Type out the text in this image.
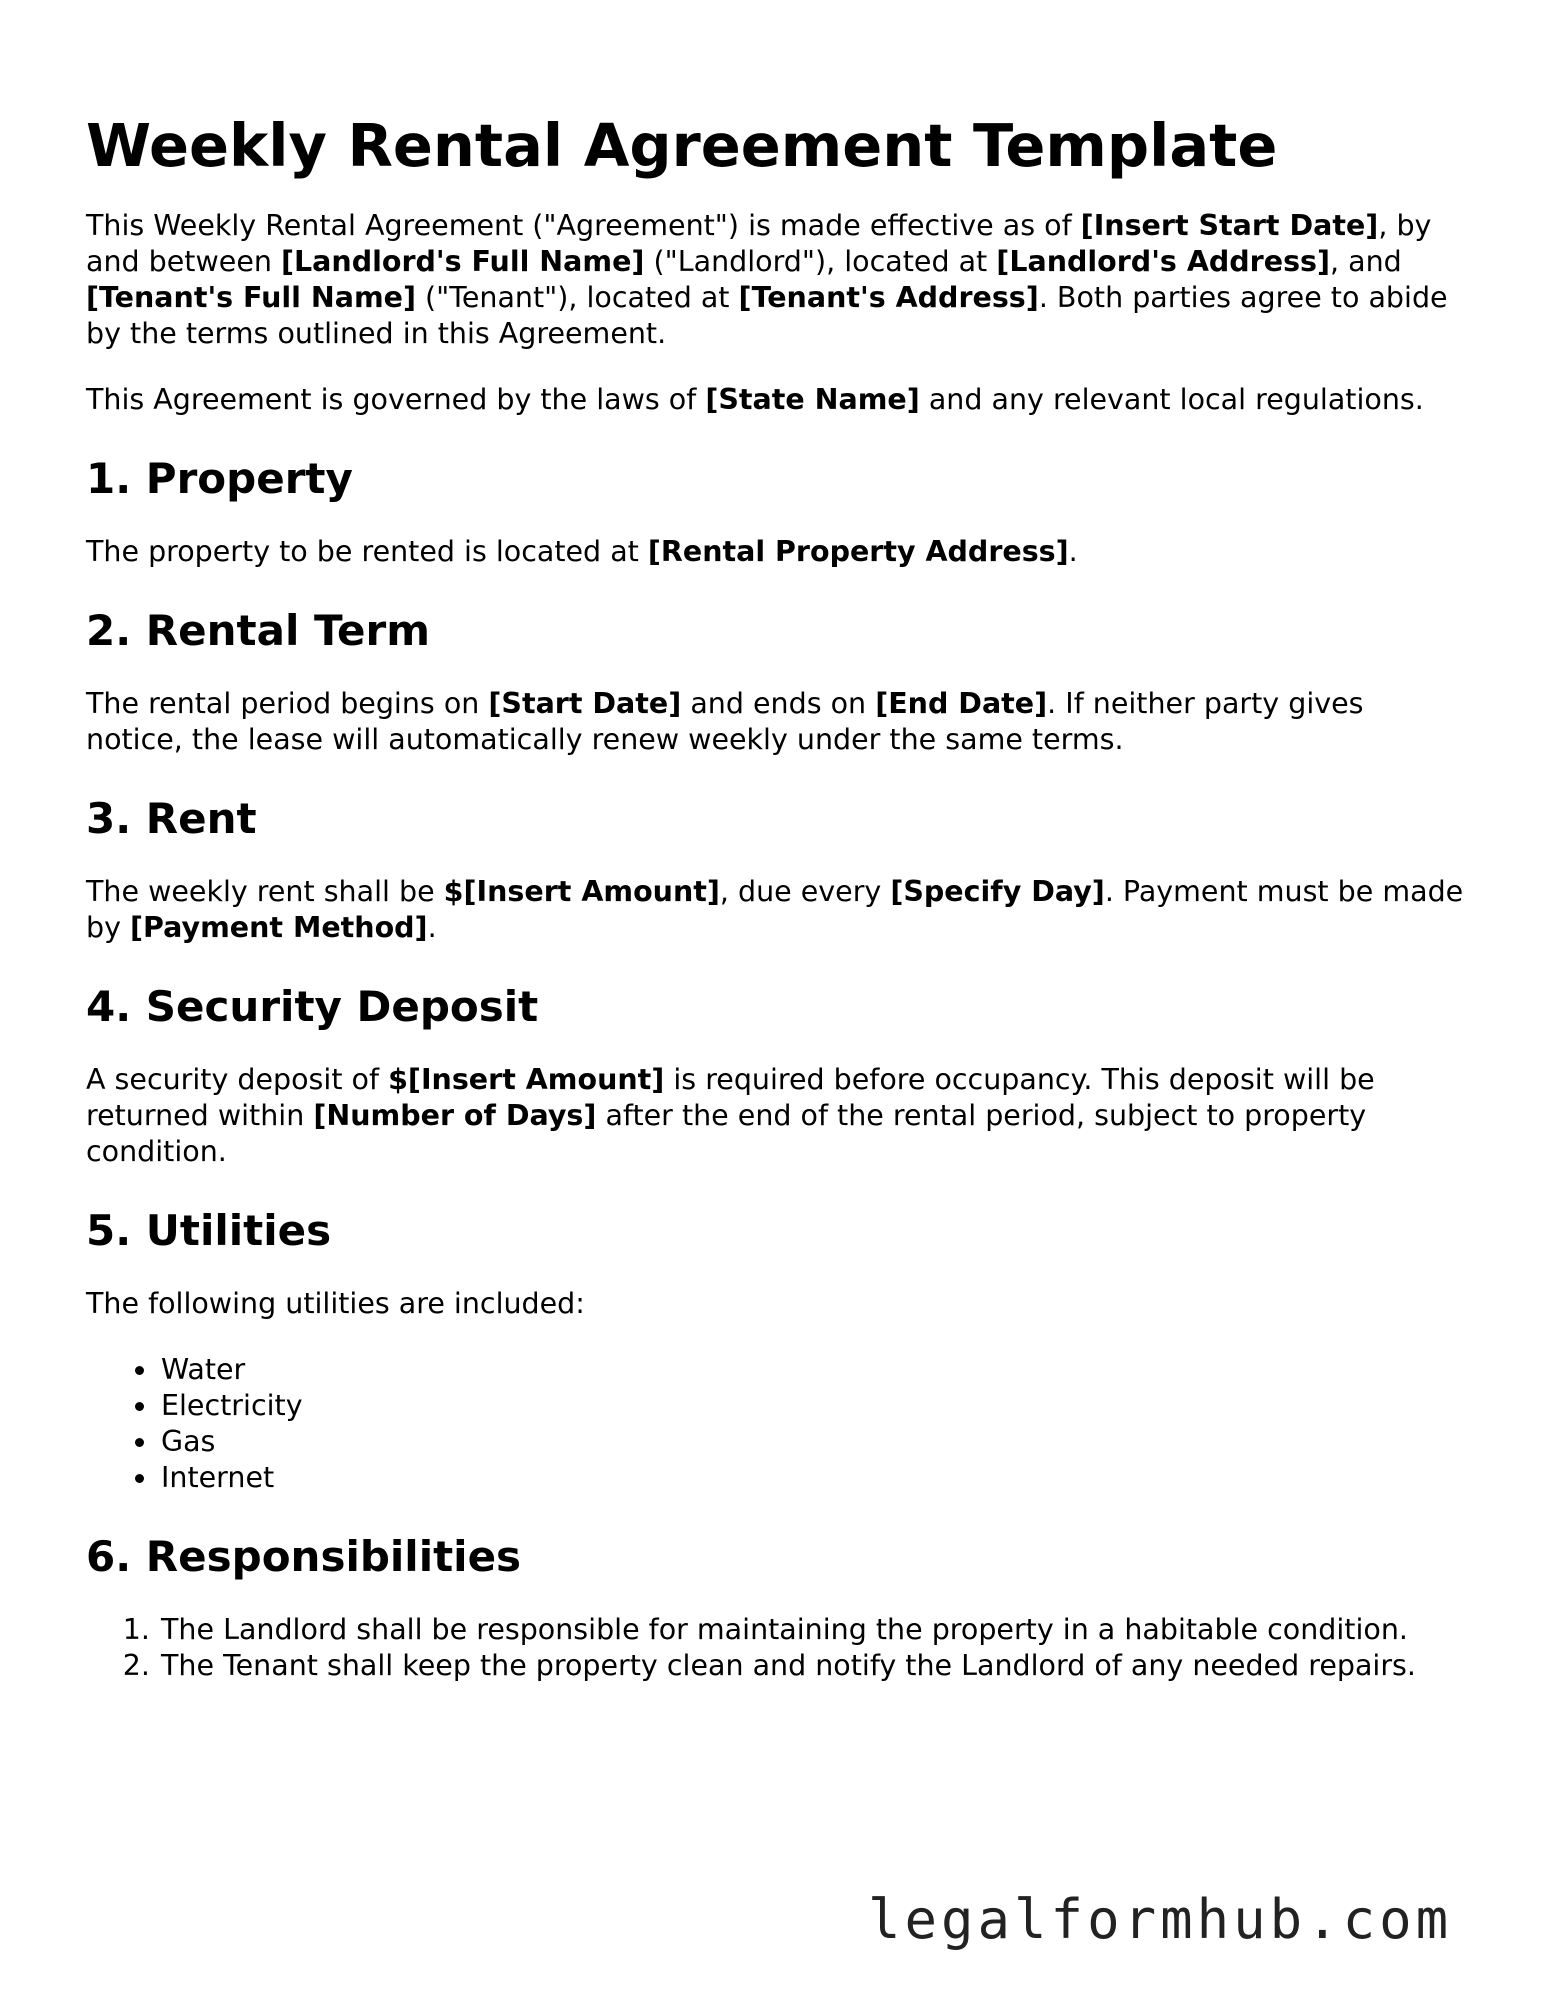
Weekly Rental Agreement Template

This Weekly Rental Agreement ("Agreement") is made effective as of [Insert Start Date], by and between [Landlord's Full Name] ("Landlord"), located at [Landlord's Address], and [Tenant's Full Name] ("Tenant"), located at [Tenant's Address]. Both parties agree to abide by the terms outlined in this Agreement.

This Agreement is governed by the laws of [State Name] and any relevant local regulations.

1. Property

The property to be rented is located at [Rental Property Address].

2. Rental Term

The rental period begins on [Start Date] and ends on [End Date]. If neither party gives notice, the lease will automatically renew weekly under the same terms.

3. Rent

The weekly rent shall be $[Insert Amount], due every [Specify Day]. Payment must be made by [Payment Method].

4. Security Deposit

A security deposit of $[Insert Amount] is required before occupancy. This deposit will be returned within [Number of Days] after the end of the rental period, subject to property condition.

5. Utilities

The following utilities are included:

• Water
• Electricity
• Gas
• Internet
6. Responsibilities
1. The Landlord shall be responsible for maintaining the property in a habitable condition.
2. The Tenant shall keep the property clean and notify the Landlord of any needed repairs.
legalformhub.com
